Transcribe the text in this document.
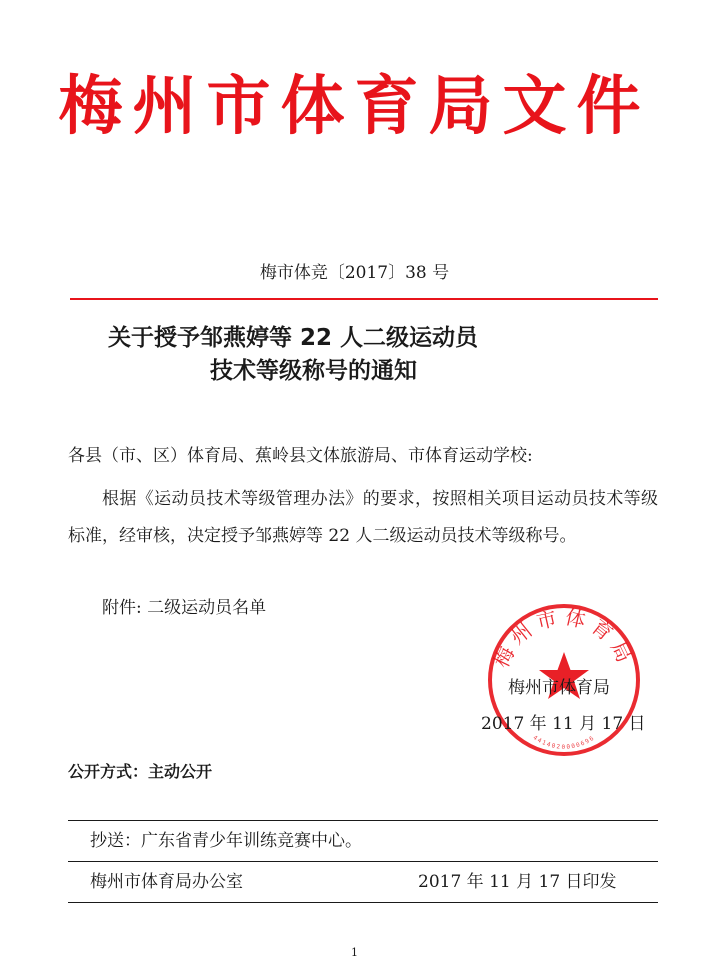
梅州市体育局文件
梅市体竞〔2017〕38 号
关于授予邹燕婷等 22 人二级运动员
技术等级称号的通知
各县（市、区）体育局、蕉岭县文体旅游局、市体育运动学校:
根据《运动员技术等级管理办法》的要求，按照相关项目运动员技术等级标准，经审核，决定授予邹燕婷等 22 人二级运动员技术等级称号。
附件: 二级运动员名单
梅州市体育局
4414020000696
梅州市体育局
2017 年 11 月 17 日
公开方式：主动公开
抄送：广东省青少年训练竞赛中心。
梅州市体育局办公室	2017 年 11 月 17 日印发
1
